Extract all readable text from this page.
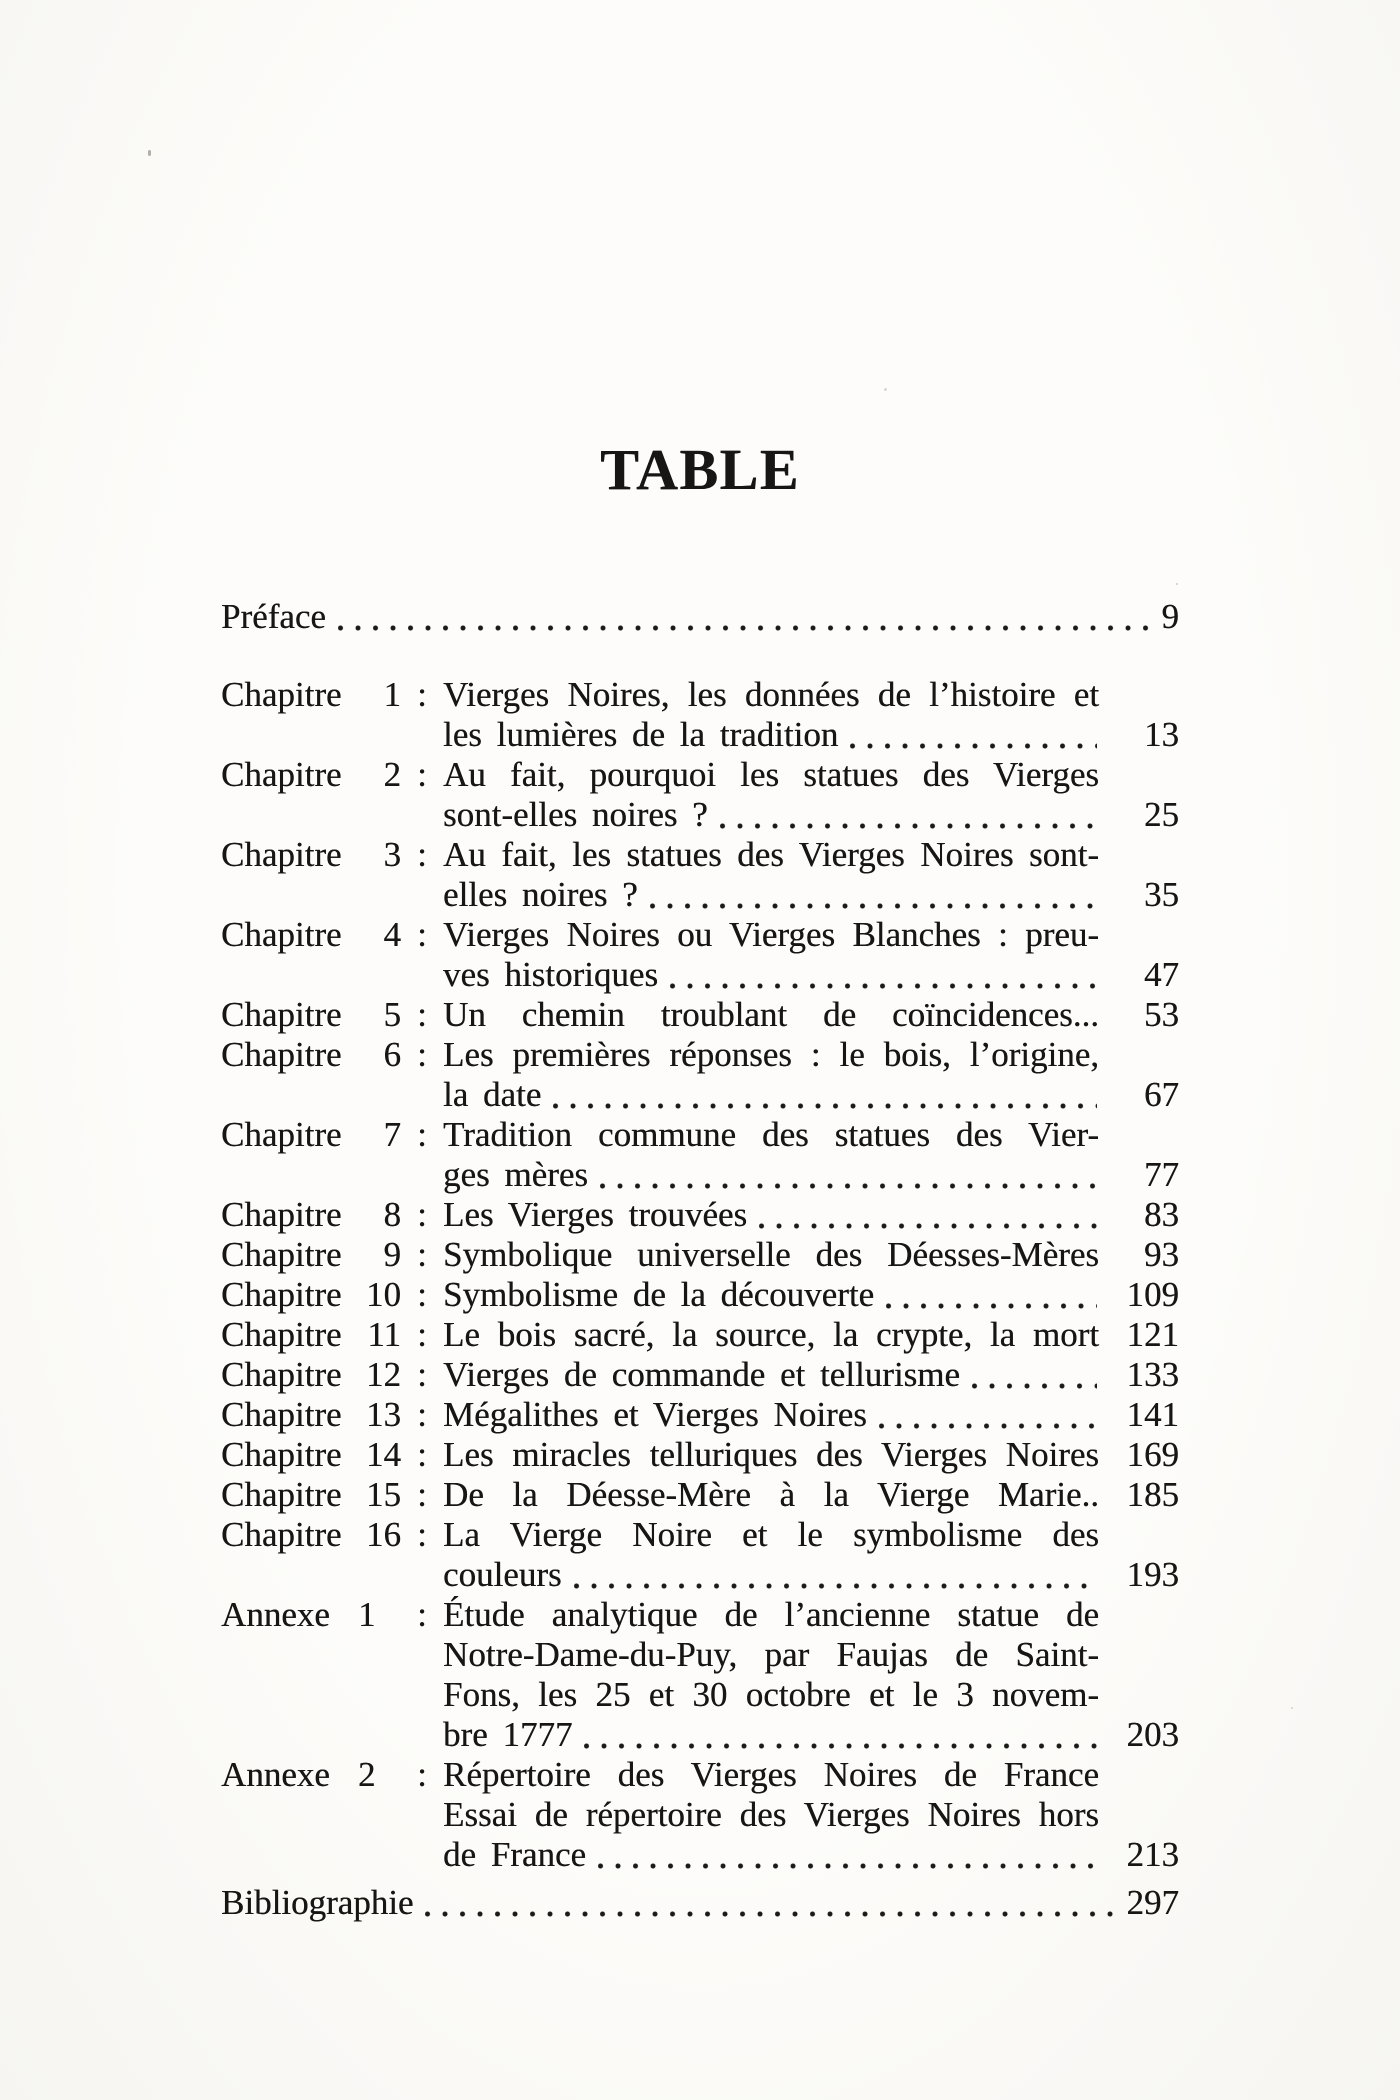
TABLE
Préface	9
Chapitre	1 : Vierges Noires, les données de l’histoire et
les lumières de la tradition	13
Chapitre	2 : Au fait, pourquoi les statues des Vierges
sont-elles noires ?	25
Chapitre	3 : Au fait, les statues des Vierges Noires sont-
elles noires ?	35
Chapitre	4 : Vierges Noires ou Vierges Blanches : preu-
ves historiques	47
Chapitre	5 : Un chemin troublant de coïncidences...	53
Chapitre	6 : Les premières réponses : le bois, l’origine,
la date	67
Chapitre	7 : Tradition commune des statues des Vier-
ges mères	77
Chapitre	8 : Les Vierges trouvées	83
Chapitre	9 : Symbolique universelle des Déesses-Mères	93
Chapitre 10 : Symbolisme de la découverte	109
Chapitre 11 : Le bois sacré, la source, la crypte, la mort 121
Chapitre 12 : Vierges de commande et tellurisme	133
Chapitre 13 : Mégalithes et Vierges Noires	141
Chapitre 14 : Les miracles telluriques des Vierges Noires 169
Chapitre 15 : De la Déesse-Mère à la Vierge Marie.. 185
Chapitre 16 : La Vierge Noire et le symbolisme des
couleurs	193
Annexe 1	: Étude analytique de l’ancienne statue de
Notre-Dame-du-Puy, par Faujas de Saint-
Fons, les 25 et 30 octobre et le 3 novem-
bre 1777	203
Annexe 2	: Répertoire des Vierges Noires de France
Essai de répertoire des Vierges Noires hors
de France	213
Bibliographie	297
